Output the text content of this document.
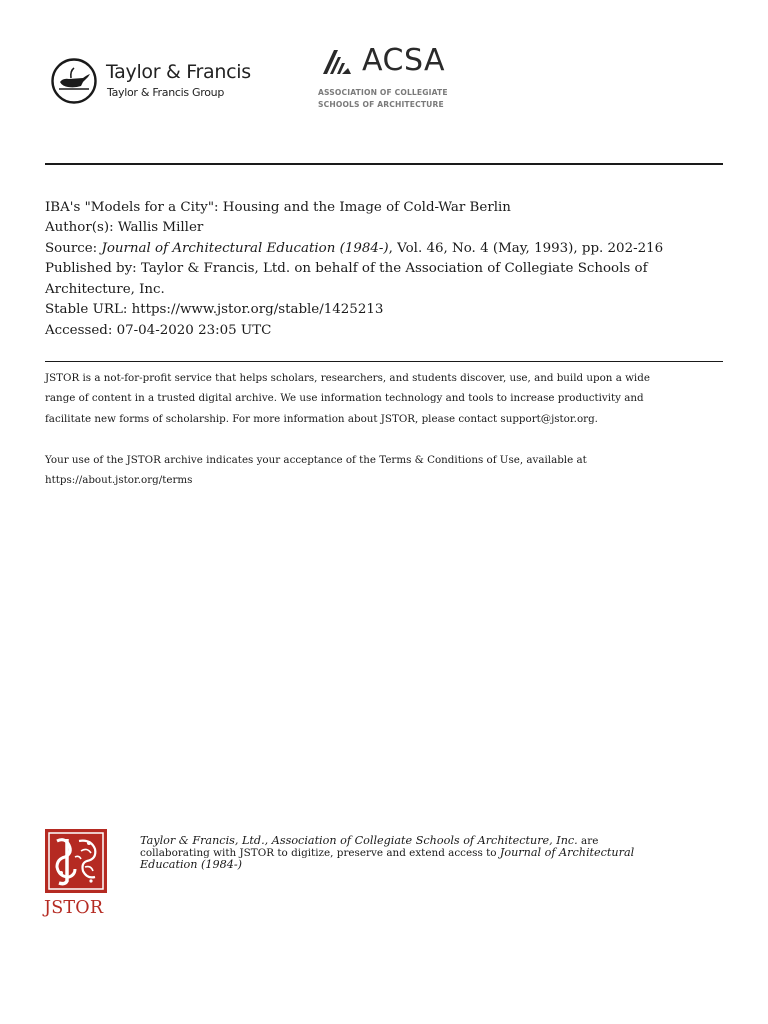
Taylor & Francis
Taylor & Francis Group
ACSA
ASSOCIATION OF COLLEGIATE
SCHOOLS OF ARCHITECTURE
IBA's "Models for a City": Housing and the Image of Cold-War Berlin
Author(s): Wallis Miller
Source: Journal of Architectural Education (1984-), Vol. 46, No. 4 (May, 1993), pp. 202-216
Published by: Taylor & Francis, Ltd. on behalf of the Association of Collegiate Schools of
Architecture, Inc.
Stable URL: https://www.jstor.org/stable/1425213
Accessed: 07-04-2020 23:05 UTC
JSTOR is a not-for-profit service that helps scholars, researchers, and students discover, use, and build upon a wide
range of content in a trusted digital archive. We use information technology and tools to increase productivity and
facilitate new forms of scholarship. For more information about JSTOR, please contact support@jstor.org.
Your use of the JSTOR archive indicates your acceptance of the Terms & Conditions of Use, available at
https://about.jstor.org/terms
JSTOR
Taylor & Francis, Ltd., Association of Collegiate Schools of Architecture, Inc. are
collaborating with JSTOR to digitize, preserve and extend access to Journal of Architectural
Education (1984-)
